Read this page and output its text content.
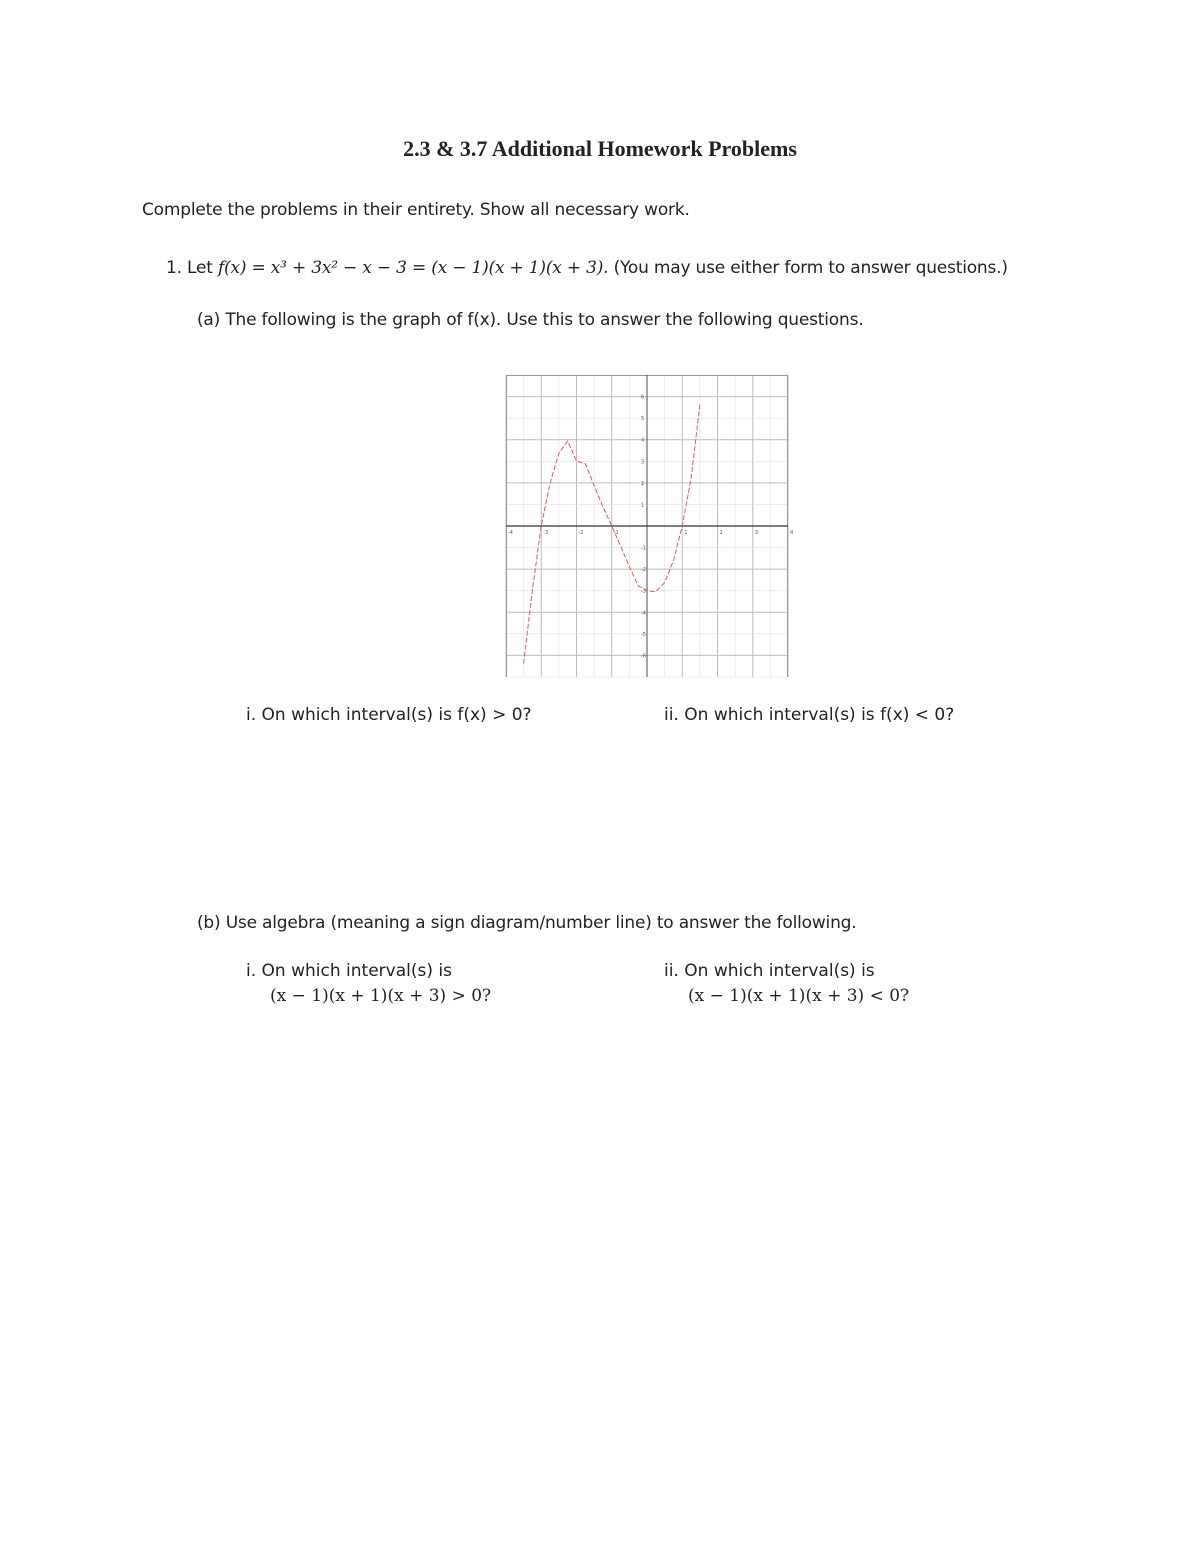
2.3 & 3.7 Additional Homework Problems
Complete the problems in their entirety. Show all necessary work.
1. Let f(x) = x³ + 3x² − x − 3 = (x − 1)(x + 1)(x + 3). (You may use either form to answer questions.)
(a) The following is the graph of f(x). Use this to answer the following questions.
-4	-3	-2	-1	1	2	3	4
-6
-5
-4
-3
-2
-1
1
2
3
4
5
6
i. On which interval(s) is f(x) > 0?	ii. On which interval(s) is f(x) < 0?
(b) Use algebra (meaning a sign diagram/number line) to answer the following.
i. On which interval(s) is
(x − 1)(x + 1)(x + 3) > 0?
ii. On which interval(s) is
(x − 1)(x + 1)(x + 3) < 0?
